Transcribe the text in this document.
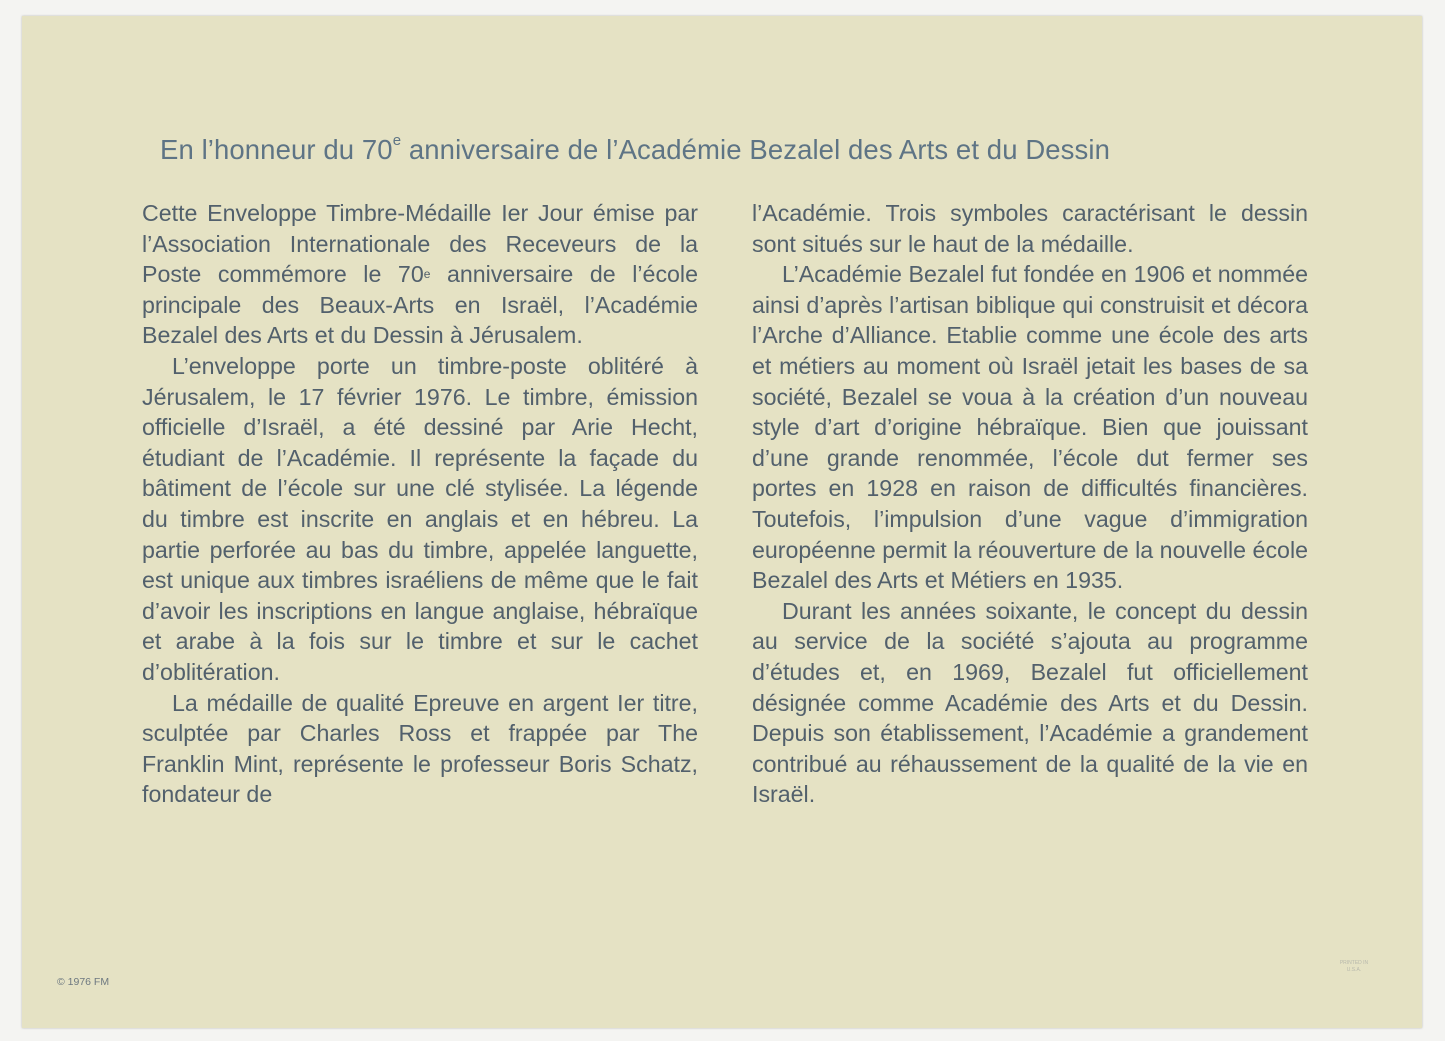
En l’honneur du 70e anniversaire de l’Académie Bezalel des Arts et du Dessin

Cette Enveloppe Timbre-Médaille Ier Jour émise par l’Association Internationale des Receveurs de la Poste commémore le 70e anniversaire de l’école principale des Beaux-Arts en Israël, l’Académie Bezalel des Arts et du Dessin à Jérusalem.

L’enveloppe porte un timbre-poste oblitéré à Jérusalem, le 17 février 1976. Le timbre, émission officielle d’Israël, a été dessiné par Arie Hecht, étudiant de l’Académie. Il représente la façade du bâtiment de l’école sur une clé stylisée. La légende du timbre est inscrite en anglais et en hébreu. La partie perforée au bas du timbre, appelée languette, est unique aux timbres israéliens de même que le fait d’avoir les inscriptions en langue anglaise, hébraïque et arabe à la fois sur le timbre et sur le cachet d’oblitération.

La médaille de qualité Epreuve en argent Ier titre, sculptée par Charles Ross et frappée par The Franklin Mint, représente le professeur Boris Schatz, fondateur de

l’Académie. Trois symboles caractérisant le dessin sont situés sur le haut de la médaille.

L’Académie Bezalel fut fondée en 1906 et nommée ainsi d’après l’artisan biblique qui construisit et décora l’Arche d’Alliance. Etablie comme une école des arts et métiers au moment où Israël jetait les bases de sa société, Bezalel se voua à la création d’un nouveau style d’art d’origine hébraïque. Bien que jouissant d’une grande renommée, l’école dut fermer ses portes en 1928 en raison de difficultés financières. Toutefois, l’impulsion d’une vague d’immigration européenne permit la réouverture de la nouvelle école Bezalel des Arts et Métiers en 1935.

Durant les années soixante, le concept du dessin au service de la société s’ajouta au programme d’études et, en 1969, Bezalel fut officiellement désignée comme Académie des Arts et du Dessin. Depuis son établissement, l’Académie a grandement contribué au réhaussement de la qualité de la vie en Israël.

© 1976 FM
PRINTED IN U.S.A.
